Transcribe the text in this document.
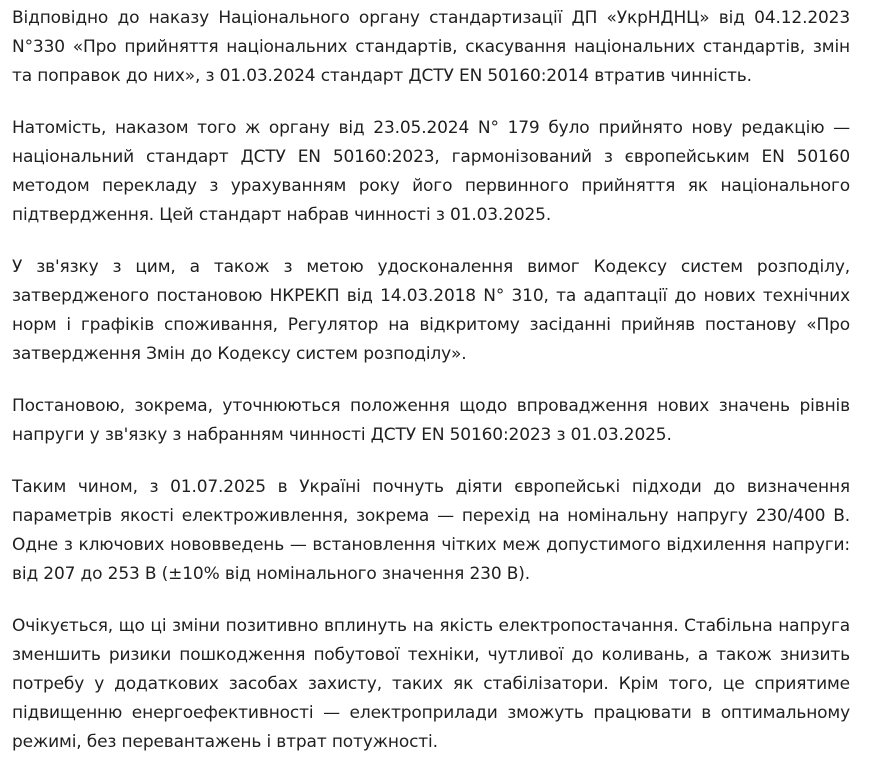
Відповідно до наказу Національного органу стандартизації ДП «УкрНДНЦ» від 04.12.2023 N°330 «Про прийняття національних стандартів, скасування національних стандартів, змін та поправок до них», з 01.03.2024 стандарт ДСТУ EN 50160:2014 втратив чинність.

Натомість, наказом того ж органу від 23.05.2024 N° 179 було прийнято нову редакцію — національний стандарт ДСТУ EN 50160:2023, гармонізований з європейським EN 50160 методом перекладу з урахуванням року його первинного прийняття як національного підтвердження. Цей стандарт набрав чинності з 01.03.2025.

У зв'язку з цим, а також з метою удосконалення вимог Кодексу систем розподілу, затвердженого постановою НКРЕКП від 14.03.2018 N° 310, та адаптації до нових технічних норм і графіків споживання, Регулятор на відкритому засіданні прийняв постанову «Про затвердження Змін до Кодексу систем розподілу».

Постановою, зокрема, уточнюються положення щодо впровадження нових значень рівнів напруги у зв'язку з набранням чинності ДСТУ EN 50160:2023 з 01.03.2025.

Таким чином, з 01.07.2025 в Україні почнуть діяти європейські підходи до визначення параметрів якості електроживлення, зокрема — перехід на номінальну напругу 230/400 В. Одне з ключових нововведень — встановлення чітких меж допустимого відхилення напруги: від 207 до 253 В (±10% від номінального значення 230 В).

Очікується, що ці зміни позитивно вплинуть на якість електропостачання. Стабільна напруга зменшить ризики пошкодження побутової техніки, чутливої до коливань, а також знизить потребу у додаткових засобах захисту, таких як стабілізатори. Крім того, це сприятиме підвищенню енергоефективності — електроприлади зможуть працювати в оптимальному режимі, без перевантажень і втрат потужності.
